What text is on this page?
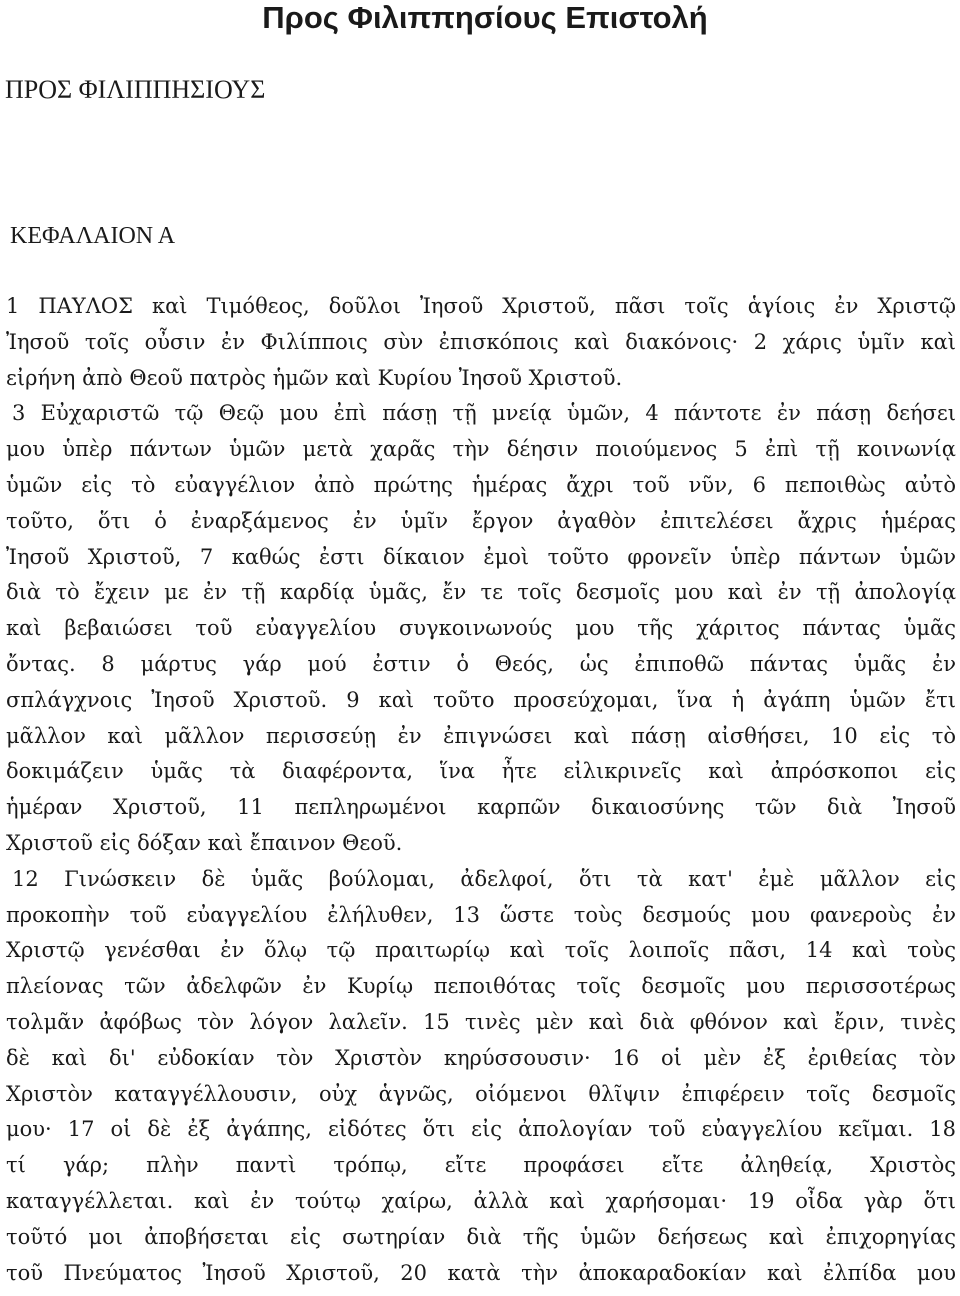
Προς Φιλιππησίους Επιστολή

ΠΡΟΣ ΦΙΛΙΠΠΗΣΙΟΥΣ

ΚΕΦΑΛΑΙΟΝ Α

1 ΠΑΥΛΟΣ καὶ Τιμόθεος, δοῦλοι Ἰησοῦ Χριστοῦ, πᾶσι τοῖς ἁγίοις ἐν Χριστῷ
Ἰησοῦ τοῖς οὖσιν ἐν Φιλίπποις σὺν ἐπισκόποις καὶ διακόνοις· 2 χάρις ὑμῖν καὶ
εἰρήνη ἀπὸ Θεοῦ πατρὸς ἡμῶν καὶ Κυρίου Ἰησοῦ Χριστοῦ.
3 Εὐχαριστῶ τῷ Θεῷ μου ἐπὶ πάσῃ τῇ μνείᾳ ὑμῶν, 4 πάντοτε ἐν πάσῃ δεήσει
μου ὑπὲρ πάντων ὑμῶν μετὰ χαρᾶς τὴν δέησιν ποιούμενος 5 ἐπὶ τῇ κοινωνίᾳ
ὑμῶν εἰς τὸ εὐαγγέλιον ἀπὸ πρώτης ἡμέρας ἄχρι τοῦ νῦν, 6 πεποιθὼς αὐτὸ
τοῦτο, ὅτι ὁ ἐναρξάμενος ἐν ὑμῖν ἔργον ἀγαθὸν ἐπιτελέσει ἄχρις ἡμέρας
Ἰησοῦ Χριστοῦ, 7 καθώς ἐστι δίκαιον ἐμοὶ τοῦτο φρονεῖν ὑπὲρ πάντων ὑμῶν
διὰ τὸ ἔχειν με ἐν τῇ καρδίᾳ ὑμᾶς, ἔν τε τοῖς δεσμοῖς μου καὶ ἐν τῇ ἀπολογίᾳ
καὶ βεβαιώσει τοῦ εὐαγγελίου συγκοινωνούς μου τῆς χάριτος πάντας ὑμᾶς
ὄντας. 8 μάρτυς γάρ μού ἐστιν ὁ Θεός, ὡς ἐπιποθῶ πάντας ὑμᾶς ἐν
σπλάγχνοις Ἰησοῦ Χριστοῦ. 9 καὶ τοῦτο προσεύχομαι, ἵνα ἡ ἀγάπη ὑμῶν ἔτι
μᾶλλον καὶ μᾶλλον περισσεύῃ ἐν ἐπιγνώσει καὶ πάσῃ αἰσθήσει, 10 εἰς τὸ
δοκιμάζειν ὑμᾶς τὰ διαφέροντα, ἵνα ἦτε εἰλικρινεῖς καὶ ἀπρόσκοποι εἰς
ἡμέραν Χριστοῦ, 11 πεπληρωμένοι καρπῶν δικαιοσύνης τῶν διὰ Ἰησοῦ
Χριστοῦ εἰς δόξαν καὶ ἔπαινον Θεοῦ.
12 Γινώσκειν δὲ ὑμᾶς βούλομαι, ἀδελφοί, ὅτι τὰ κατ' ἐμὲ μᾶλλον εἰς
προκοπὴν τοῦ εὐαγγελίου ἐλήλυθεν, 13 ὥστε τοὺς δεσμούς μου φανεροὺς ἐν
Χριστῷ γενέσθαι ἐν ὅλῳ τῷ πραιτωρίῳ καὶ τοῖς λοιποῖς πᾶσι, 14 καὶ τοὺς
πλείονας τῶν ἀδελφῶν ἐν Κυρίῳ πεποιθότας τοῖς δεσμοῖς μου περισσοτέρως
τολμᾶν ἀφόβως τὸν λόγον λαλεῖν. 15 τινὲς μὲν καὶ διὰ φθόνον καὶ ἔριν, τινὲς
δὲ καὶ δι' εὐδοκίαν τὸν Χριστὸν κηρύσσουσιν· 16 οἱ μὲν ἐξ ἐριθείας τὸν
Χριστὸν καταγγέλλουσιν, οὐχ ἁγνῶς, οἰόμενοι θλῖψιν ἐπιφέρειν τοῖς δεσμοῖς
μου· 17 οἱ δὲ ἐξ ἀγάπης, εἰδότες ὅτι εἰς ἀπολογίαν τοῦ εὐαγγελίου κεῖμαι. 18
τί γάρ; πλὴν παντὶ τρόπῳ, εἴτε προφάσει εἴτε ἀληθείᾳ, Χριστὸς
καταγγέλλεται. καὶ ἐν τούτῳ χαίρω, ἀλλὰ καὶ χαρήσομαι· 19 οἶδα γὰρ ὅτι
τοῦτό μοι ἀποβήσεται εἰς σωτηρίαν διὰ τῆς ὑμῶν δεήσεως καὶ ἐπιχορηγίας
τοῦ Πνεύματος Ἰησοῦ Χριστοῦ, 20 κατὰ τὴν ἀποκαραδοκίαν καὶ ἐλπίδα μου
